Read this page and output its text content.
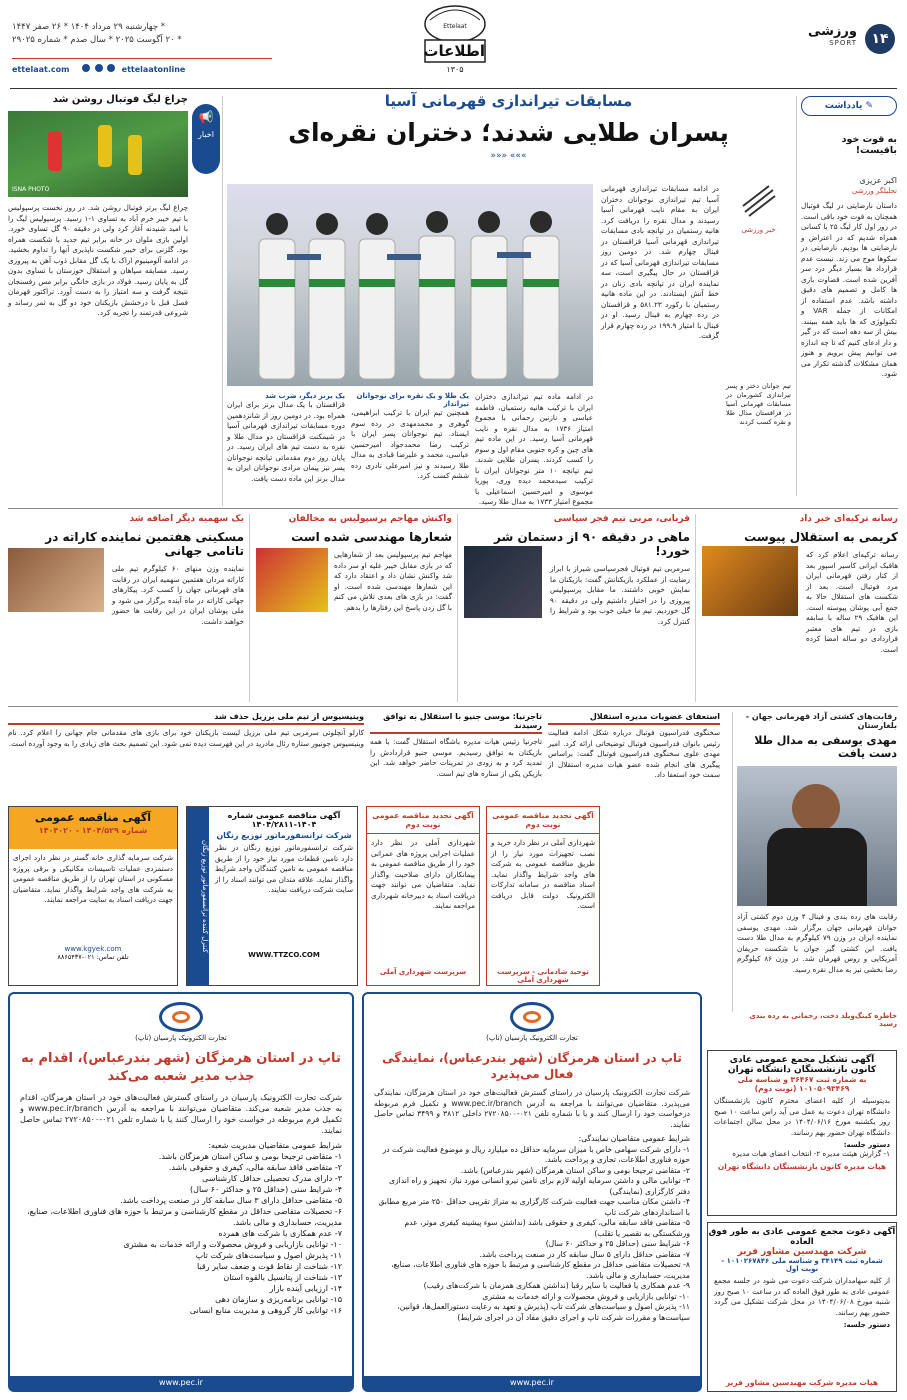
۱۴
ورزشی
SPORT
Ettelaat
اطلاعات
۱۳۰۵
* چهارشنبه ۲۹ مرداد ۱۴۰۴ * ۲۶ صفر ۱۴۴۷
* ۲۰ آگوست ۲۰۲۵ * سال صدم * شماره ۲۹۰۲۵
ettelaat.com	ettelaatonline
✎ یادداشت
به قوت خود باقیست!
اکبر عزیزی
تحلیلگر ورزشی
داستان نارضایتی در لیگ فوتبال همچنان به قوت خود باقی است. در روز اول کار لیگ ۲۵ با کسانی همراه شدیم که در اعتراض و نارضایتی ها بودیم. نارضایتی در سکوها موج می زند. نیست عدم قرارداد ها بسیار دیگر درد سر آفرین شده است. قضاوت بازی ها کامل و تصمیم های دقیق داشته باشد. عدم استفاده از امکانات از جمله VAR و تکنولوژی که ها باید همه ببینند. بیش از سه دهه است که در گیر و دار ادعای کنیم که تا چه اندازه می توانیم پیش برویم و هنوز همان مشکلات گذشته تکرار می شود.
مسابقات تیراندازی قهرمانی آسیا
پسران طلایی شدند؛ دختران نقره‌ای
»»» «««
خبر ورزشی
تیم جوانان دختر و پسر تیراندازی کشورمان در مسابقات قهرمانی آسیا در قزاقستان مدال طلا و نقره کسب کردند
در ادامه مسابقات تیراندازی قهرمانی آسیا تیم تیراندازی نوجوانان دختران ایران به مقام نایب قهرمانی آسیا رسیدند و مدال نقره را دریافت کرد. هانیه رستمیان در تپانچه بادی مسابقات تیراندازی قهرمانی آسیا قزاقستان در فینال چهارم شد. در دومین روز مسابقات تیراندازی قهرمانی آسیا که در قزاقستان در حال پیگیری است، سه نماینده ایران در تپانچه بادی زنان در خط آتش ایستادند. در این ماده هانیه رستمیان با رکورد ۵۸۱.۲۳ و قزاقستان در رده چهارم به فینال رسید. او در فینال با امتیاز ۱۹۹.۹ در رده چهارم قرار گرفت.
در ادامه ماده تیم تیراندازی دختران ایران با ترکیب هانیه رستمیان، فاطمه عباسی و نازنین رحمانی با مجموع امتیاز ۱۷۳۶ به مدال نقره و نایب قهرمانی آسیا رسید. در این ماده تیم های چین و کره جنوبی مقام اول و سوم را کسب کردند. پسران طلایی شدند. تیم تپانچه ۱۰ متر نوجوانان ایران با ترکیب سیدمحمد دیده وری، پوریا موسوی و امیرحسین اسماعیلی با مجموع امتیاز ۱۷۳۳ به مدال طلا رسید.
یک طلا و یک نقره برای نوجوانان تیرانداز
همچنین تیم ایران با ترکیب ابراهیمی، گوهری و محمدمهدی در رده سوم ایستاد. تیم نوجوانان پسر ایران با ترکیب رضا محمدجواد امیرحسین عباسی، محمد و علیرضا قبادی به مدال طلا رسیدند و نیز امیرعلی نادری رده ششم کسب کرد.
یک برنز دیگر، ضرب شد
قزاقستان با یک مدال برنز برای ایران همراه بود. در دومین روز از شانزدهمین دوره مسابقات تیراندازی قهرمانی آسیا در شیمکنت قزاقستان دو مدال طلا و نقره به دست تیم های ایران رسید. در پایان روز دوم مقدماتی تپانچه نوجوانان پسر نیز پیمان مرادی نوجوانان ایران به مدال برنز این ماده دست یافت.
📢
اخبار
چراغ لیگ فوتبال روشن شد
ISNA PHOTO
چراغ لیگ برتر فوتبال روشن شد. در روز نخست پرسپولیس با تیم خیبر خرم آباد به تساوی ۱-۱ رسید. پرسپولیس لیگ را با امید شنیدنه آغاز کرد ولی در دقیقه ۹۰ گل تساوی خورد. اولین بازی ملوان در خانه برابر تیم جدید با شکست همراه بود. گلزنی برای خیبر شکست ناپذیری آنها را تداوم بخشید. در ادامه آلومینیوم اراک با یک گل مقابل ذوب آهن به پیروزی رسید. مسابقه سپاهان و استقلال خوزستان با تساوی بدون گل به پایان رسید. فولاد در بازی خانگی برابر مس رفسنجان نتیجه گرفت و سه امتیاز را به دست آورد. تراکتور قهرمان فصل قبل با درخشش بازیکنان خود دو گل به ثمر رساند و شروعی قدرتمند را تجربه کرد.
رسانه ترکیه‌ای خبر داد
کریمی به استقلال پیوست
رسانه ترکیه‌ای اعلام کرد که هافبک ایرانی کاسیر اسپور بعد از کنار رفتن قهرمانی ایران مرد فوتبال است. بعد از شکست های استقلال حالا به جمع آبی پوشان پیوسته است. این هافبک ۲۹ ساله با سابقه بازی در تیم های معتبر قراردادی دو ساله امضا کرده است.
قربانی، مربی تیم فجر سپاسی
ماهی در دقیقه ۹۰ از دستمان شر خورد!
سرمربی تیم فوتبال فجرسپاسی شیراز با ابراز رضایت از عملکرد بازیکنانش گفت: بازیکنان ما نمایش خوبی داشتند. ما مقابل پرسپولیس پیروزی را در اختیار داشتیم ولی در دقیقه ۹۰ گل خوردیم. تیم ما خیلی خوب بود و شرایط را کنترل کرد.
واکنش مهاجم پرسپولیس به مخالفان
شعارها مهندسی شده است
مهاجم تیم پرسپولیس بعد از شعارهایی که در بازی مقابل خیبر علیه او سر داده شد واکنش نشان داد و اعتقاد دارد که این شعارها مهندسی شده است. او گفت: در بازی های بعدی تلاش می کنم با گل زدن پاسخ این رفتارها را بدهم.
یک سهمیه دیگر اضافه شد
مسکینی هفتمین نماینده کاراته در تاتامی جهانی
نماینده وزن منهای ۶۰ کیلوگرم تیم ملی کاراته مردان هفتمین سهمیه ایران در رقابت های قهرمانی جهان را کسب کرد. پیکارهای جهانی کاراته در ماه آینده برگزار می شود و ملی پوشان ایران در این رقابت ها حضور خواهند داشت.
رقابت‌های کشتی آزاد قهرمانی جهان - بلغارستان
مهدی یوسفی به مدال طلا دست یافت
رقابت های رده بندی و فینال ۴ وزن دوم کشتی آزاد جوانان قهرمانی جهان برگزار شد. مهدی یوسفی نماینده ایران در وزن ۷۹ کیلوگرم به مدال طلا دست یافت. این کشتی گیر جوان با شکست حریفان آمریکایی و روس قهرمان شد. در وزن ۸۶ کیلوگرم رضا بخشی نیز به مدال نقره رسید.
خاطره کینگ‌ویلد دخت، رحمانی به رده بندی رسید
استعفای عضویات مدیره استقلال
سخنگوی فدراسیون فوتبال درباره شکل ادامه فعالیت رئیس بانوان فدراسیون فوتبال توضیحاتی ارائه کرد. امیر مهدی علوی سخنگوی فدراسیون فوتبال گفت: براساس پیگیری های انجام شده عضو هیات مدیره استقلال از سمت خود استعفا داد.
تاجرنیا: موسی جنیو با استقلال به توافق رسیدند
تاجرنیا رئیس هیات مدیره باشگاه استقلال گفت: با همه بازیکنان به توافق رسیدیم. موسی جنیو قراردادش را تمدید کرد و به زودی در تمرینات حاضر خواهد شد. این بازیکن یکی از ستاره های تیم است.
وینیسیوس از تیم ملی برزیل حذف شد
کارلو آنچلوتی سرمربی تیم ملی برزیل لیست بازیکنان خود برای بازی های مقدماتی جام جهانی را اعلام کرد. نام وینیسیوس جونیور ستاره رئال مادرید در این فهرست دیده نمی شود. این تصمیم بحث های زیادی را به وجود آورده است.
آگهی مناقصه عمومی
شماره ۱۴۰۴/۵۲۹ - ۱۴۰۴۰۲۰
شرکت سرمایه گذاری خانه گستر در نظر دارد اجرای دستمزدی عملیات تاسیسات مکانیکی و برقی پروژه مسکونی در استان تهران را از طریق مناقصه عمومی به شرکت های واجد شرایط واگذار نماید. متقاضیان جهت دریافت اسناد به سایت مراجعه نمایند.
www.kgyek.com
تلفن تماس: ۰۲۱-۸۸۶۵۴۳۷
کنترل کننده ترانسفورماتور توزیع زنگان
آگهی مناقصه عمومی شماره ۱۴۰۴-۱۴۰۴/۲۸۱۱
شرکت ترانسفورماتور توزیع زنگان
شرکت ترانسفورماتور توزیع زنگان در نظر دارد تامین قطعات مورد نیاز خود را از طریق مناقصه عمومی به تامین کنندگان واجد شرایط واگذار نماید. علاقه مندان می توانند اسناد را از سایت شرکت دریافت نمایند.
WWW.TTZCO.COM
آگهی تجدید مناقصه عمومی نوبت دوم
شهرداری آملی در نظر دارد عملیات اجرایی پروژه های عمرانی خود را از طریق مناقصه عمومی به پیمانکاران دارای صلاحیت واگذار نماید. متقاضیان می توانند جهت دریافت اسناد به دبیرخانه شهرداری مراجعه نمایند.
سرپرست شهرداری آملی
آگهی تجدید مناقصه عمومی نوبت دوم
شهرداری آملی در نظر دارد خرید و نصب تجهیزات مورد نیاز را از طریق مناقصه عمومی به شرکت های واجد شرایط واگذار نماید. اسناد مناقصه در سامانه تدارکات الکترونیک دولت قابل دریافت است.
توحید شادمانی - سرپرست شهرداری آملی
تجارت الکترونیک پارسیان (تاپ)
تاپ در استان هرمزگان (شهر بندرعباس)، اقدام به جذب مدیر شعبه می‌کند
شرکت تجارت الکترونیک پارسیان در راستای گسترش فعالیت‌های خود در استان هرمزگان، اقدام به جذب مدیر شعبه می‌کند. متقاضیان می‌توانند با مراجعه به آدرس www.pec.ir/branch و تکمیل فرم مربوطه در خواست خود را ارسال کنند یا با شماره تلفن ۰۲۱-۲۷۲۰۸۵۰۰ تماس حاصل نمایند.
شرایط عمومی متقاضیان مدیریت شعبه:
۱- متقاضی ترجیحا بومی و ساکن استان هرمزگان باشد.
۲- متقاضی فاقد سابقه مالی، کیفری و حقوقی باشد.
۳- دارای مدرک تحصیلی حداقل کارشناسی
۴- شرایط سنی (حداقل ۲۵ و حداکثر ۶۰ سال)
۵- متقاضی حداقل دارای ۳ سال سابقه کار در صنعت پرداخت باشد.
۶- تحصیلات متقاضی حداقل در مقطع کارشناسی و مرتبط با حوزه های فناوری اطلاعات، صنایع، مدیریت، حسابداری و مالی باشد.
۷- عدم همکاری با شرکت های همرده
۱۰- توانایی بازاریابی و فروش محصولات و ارائه خدمات به مشتری
۱۱- پذیرش اصول و سیاست‌های شرکت تاپ
۱۲- شناخت از نقاط قوت و ضعف سایر رقبا
۱۳- شناخت از پتانسیل بالقوه استان
۱۴- ارزیابی آینده بازار
۱۵- توانایی برنامه‌ریزی و سازمان دهی
۱۶- توانایی کار گروهی و مدیریت منابع انسانی
www.pec.ir
تجارت الکترونیک پارسیان (تاپ)
تاپ در استان هرمزگان (شهر بندرعباس)، نمایندگی فعال می‌پذیرد
شرکت تجارت الکترونیک پارسیان در راستای گسترش فعالیت‌های خود در استان هرمزگان، نمایندگی می‌پذیرد. متقاضیان می‌توانند با مراجعه به آدرس www.pec.ir/branch و تکمیل فرم مربوطه درخواست خود را ارسال کنند و یا با شماره تلفن ۰۲۱-۲۷۲۰۸۵۰۰ داخلی ۳۸۱۲ و ۳۴۹۹ تماس حاصل نمایند.
شرایط عمومی متقاضیان نمایندگی:
۱- دارای شرکت سهامی خاص با میزان سرمایه حداقل ده میلیارد ریال و موضوع فعالیت شرکت در حوزه فناوری اطلاعات، تجاری و پرداخت باشد.
۲- متقاضی ترجیحا بومی و ساکن استان هرمزگان (شهر بندرعباس) باشد.
۳- توانایی مالی و داشتن سرمایه اولیه لازم برای تامین نیرو انسانی مورد نیاز، تجهیز و راه اندازی دفتر کارگزاری (نمایندگی)
۴- داشتن مکان مناسب جهت فعالیت شرکت کارگزاری به متراژ تقریبی حداقل ۲۵۰ متر مربع مطابق با استانداردهای شرکت تاپ
۵- متقاضی فاقد سابقه مالی، کیفری و حقوقی باشد (نداشتن سوء پیشینه کیفری موثر، عدم ورشکستگی به تقصیر یا تقلب)
۶- شرایط سنی (حداقل ۲۵ و حداکثر ۶۰ سال)
۷- متقاضی حداقل دارای ۵ سال سابقه کار در صنعت پرداخت باشد.
۸- تحصیلات متقاضی حداقل در مقطع کارشناسی و مرتبط با حوزه های فناوری اطلاعات، صنایع، مدیریت، حسابداری و مالی باشد.
۹- عدم همکاری یا فعالیت با سایر رقبا (نداشتن همکاری همزمان با شرکت‌های رقیب)
۱۰- توانایی بازاریابی و فروش محصولات و ارائه خدمات به مشتری
۱۱- پذیرش اصول و سیاست‌های شرکت تاپ (پذیرش و تعهد به رعایت دستورالعمل‌ها، قوانین، سیاست‌ها و مقررات شرکت تاپ و اجرای دقیق مفاد آن در اجرای شرایط)
www.pec.ir
آگهی تشکیل مجمع عمومی عادی
کانون بازنشستگان دانشگاه تهران
به شماره ثبت ۳۶۴۶۷ و شناسه ملی ۱۰۱۰۵۰۹۳۴۶۹ (نوبت دوم)
بدینوسیله از کلیه اعضای محترم کانون بازنشستگان دانشگاه تهران دعوت به عمل می آید راس ساعت ۱۰ صبح روز یکشنبه مورخ ۱۴۰۴/۰۶/۱۶ در محل سالن اجتماعات دانشگاه تهران حضور بهم رسانند.
دستور جلسه:
۱- گزارش هیئت مدیره ۲- انتخاب اعضای هیات مدیره
هیات مدیره کانون بازنشستگان دانشگاه تهران
آگهی دعوت مجمع عمومی عادی به طور فوق العاده
شرکت مهندسین مشاور فربر
شماره ثبت ۳۴۱۴۹ و شناسه ملی ۱۰۱۰۲۶۷۸۴۶ - نوبت اول
از کلیه سهامداران شرکت دعوت می شود در جلسه مجمع عمومی عادی به طور فوق العاده که در ساعت ۱۰ صبح روز شنبه مورخ ۱۴۰۴/۰۶/۰۸ در محل شرکت تشکیل می گردد حضور بهم رسانند.
دستور جلسه:
هیات مدیره شرکت مهندسین مشاور فربر
